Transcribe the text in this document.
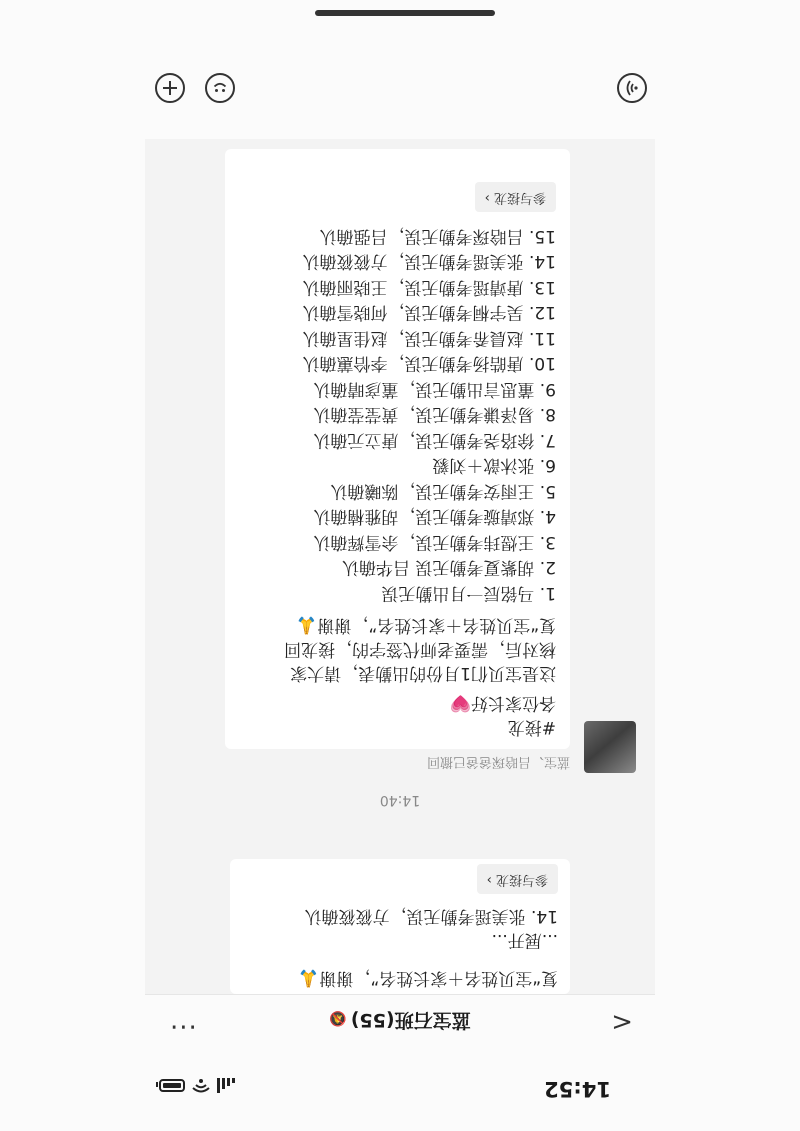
14:52
<
蓝宝石班(55)🔕
···

复“宝贝姓名＋家长姓名”，谢谢🙏

...展开...

14. 张美瑶考勤无误，方筱筱确认

参与接龙 ›
14:40
蓝宝、吕晗琛爸爸已撤回

#接龙

各位家长好💗

这是宝贝们1月份的出勤表，请大家

核对后，需要老师代签字的，接龙回

复“宝贝姓名＋家长姓名”，谢谢🙏

1. 马铭辰一月出勤无误

2. 胡紫夏考勤无误 吕华确认

3. 王煜玮考勤无误，余雪辉确认

4. 郑靖璇考勤无误，胡雅楠确认

5. 王雨安考勤无误，陈曦确认

6. 张沐歆＋刘毅

7. 徐珞尧考勤无误，唐立元确认

8. 易泽谦考勤无误，黄莹莹确认

9. 董思言出勤无误，董彦晴确认

10. 唐皓扬考勤无误，李恰蕙确认

11. 赵晨希考勤无误，赵佳星确认

12. 吴宇桐考勤无误，何晓雪确认

13. 唐靖瑶考勤无误，王晓丽确认

14. 张美瑶考勤无误，方筱筱确认

15. 吕晗琛考勤无误，吕强确认

参与接龙 ›
